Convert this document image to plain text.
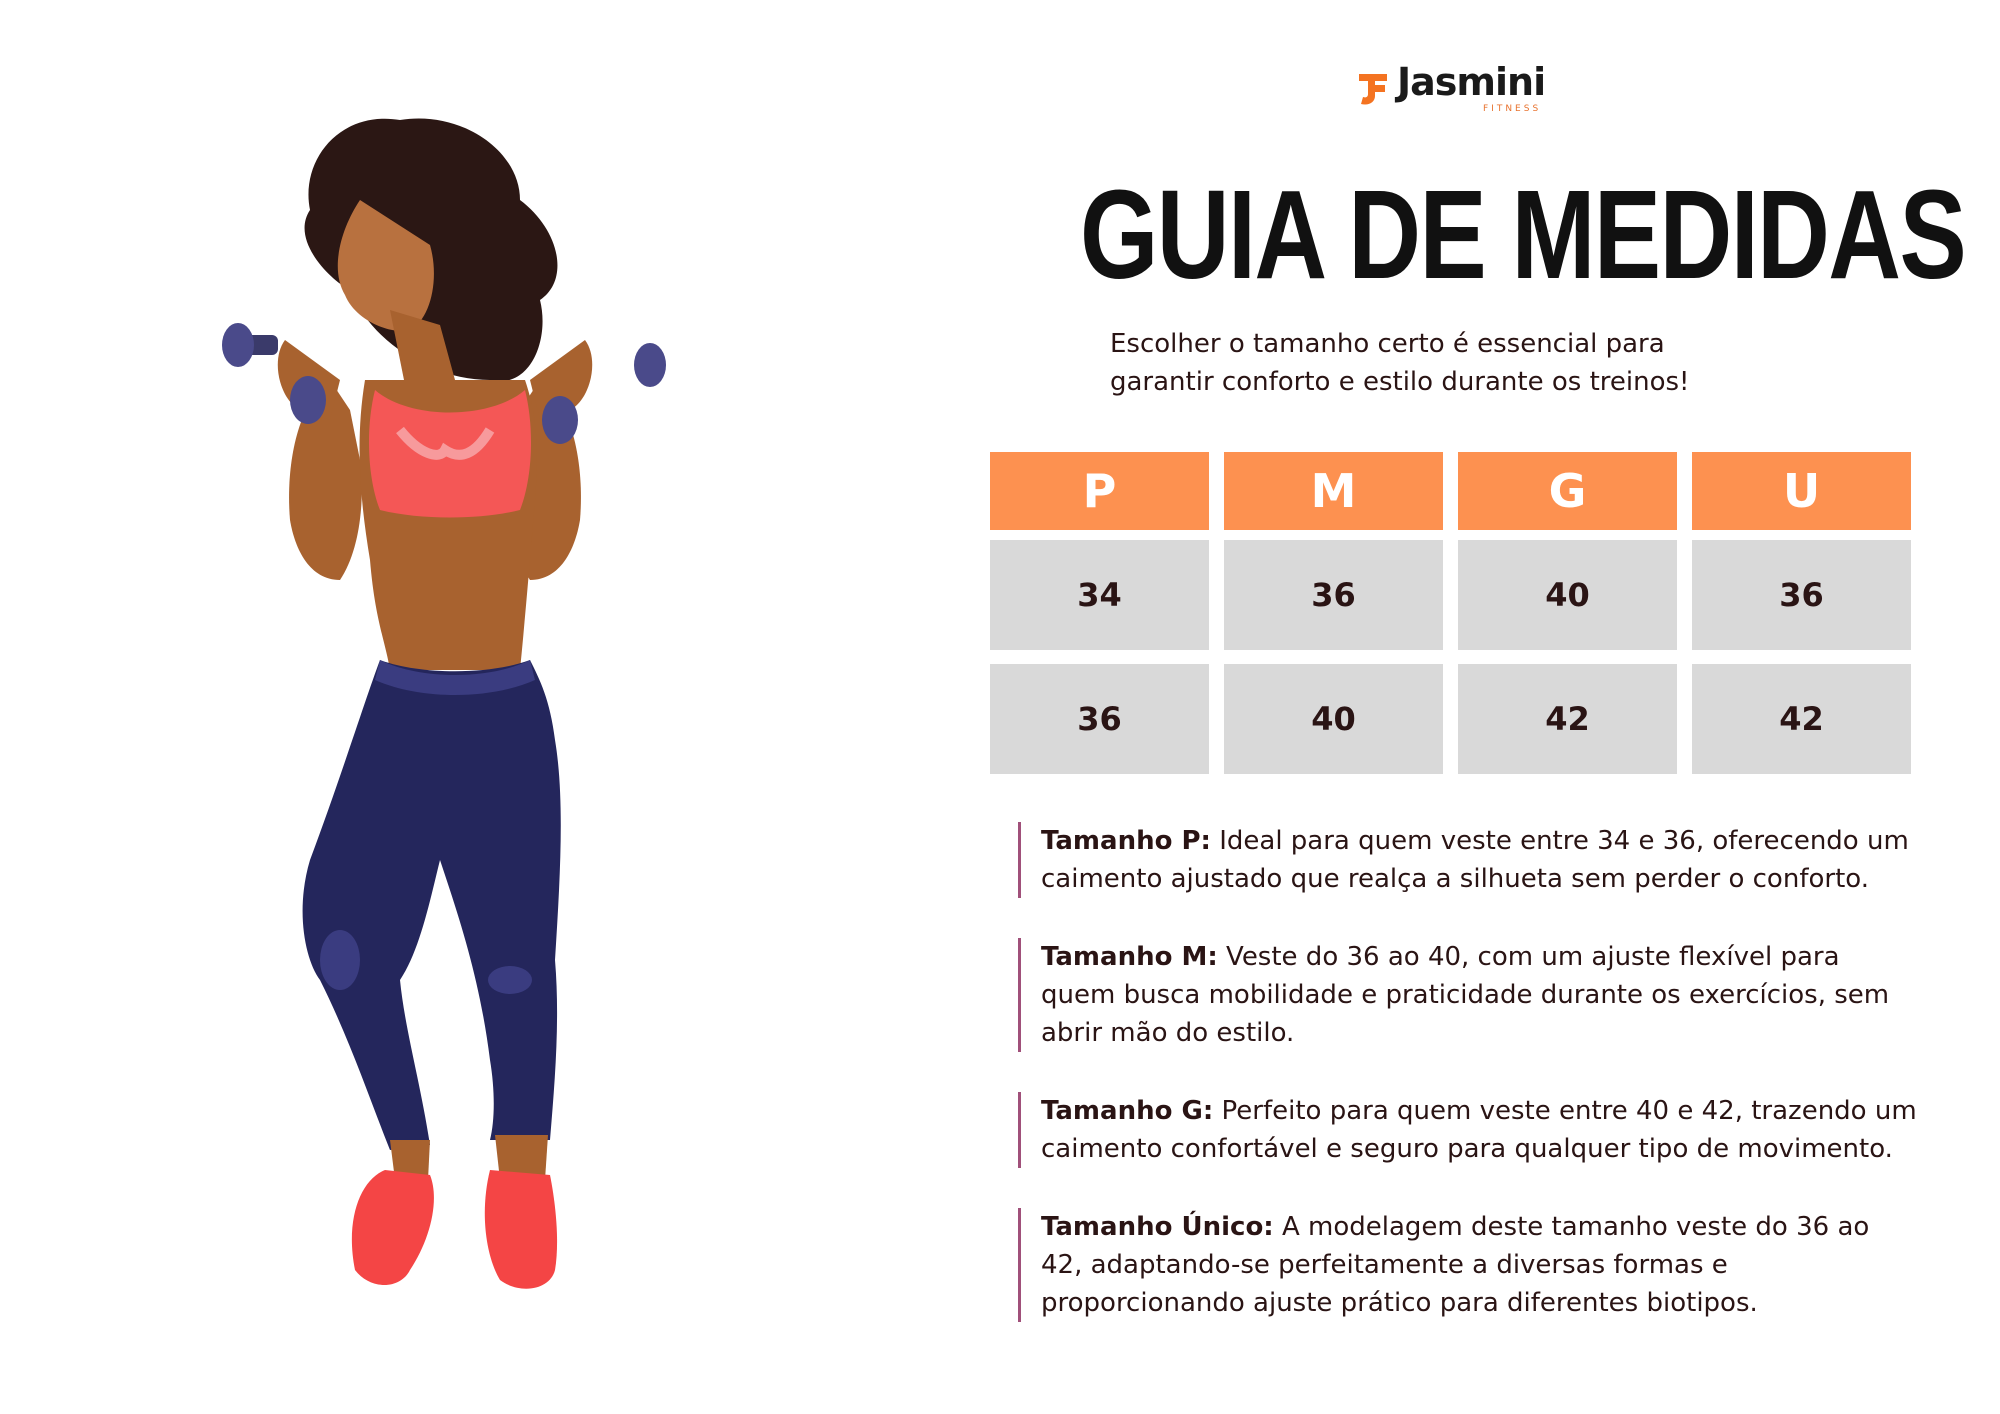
Jasmini
FITNESS
GUIA DE MEDIDAS
Escolher o tamanho certo é essencial para
garantir conforto e estilo durante os treinos!
P	M	G	U
34	36	40	36
36	40	42	42
Tamanho P: Ideal para quem veste entre 34 e 36, oferecendo um caimento ajustado que realça a silhueta sem perder o conforto.
Tamanho M: Veste do 36 ao 40, com um ajuste flexível para quem busca mobilidade e praticidade durante os exercícios, sem abrir mão do estilo.
Tamanho G: Perfeito para quem veste entre 40 e 42, trazendo um caimento confortável e seguro para qualquer tipo de movimento.
Tamanho Único: A modelagem deste tamanho veste do 36 ao 42, adaptando-se perfeitamente a diversas formas e proporcionando ajuste prático para diferentes biotipos.
